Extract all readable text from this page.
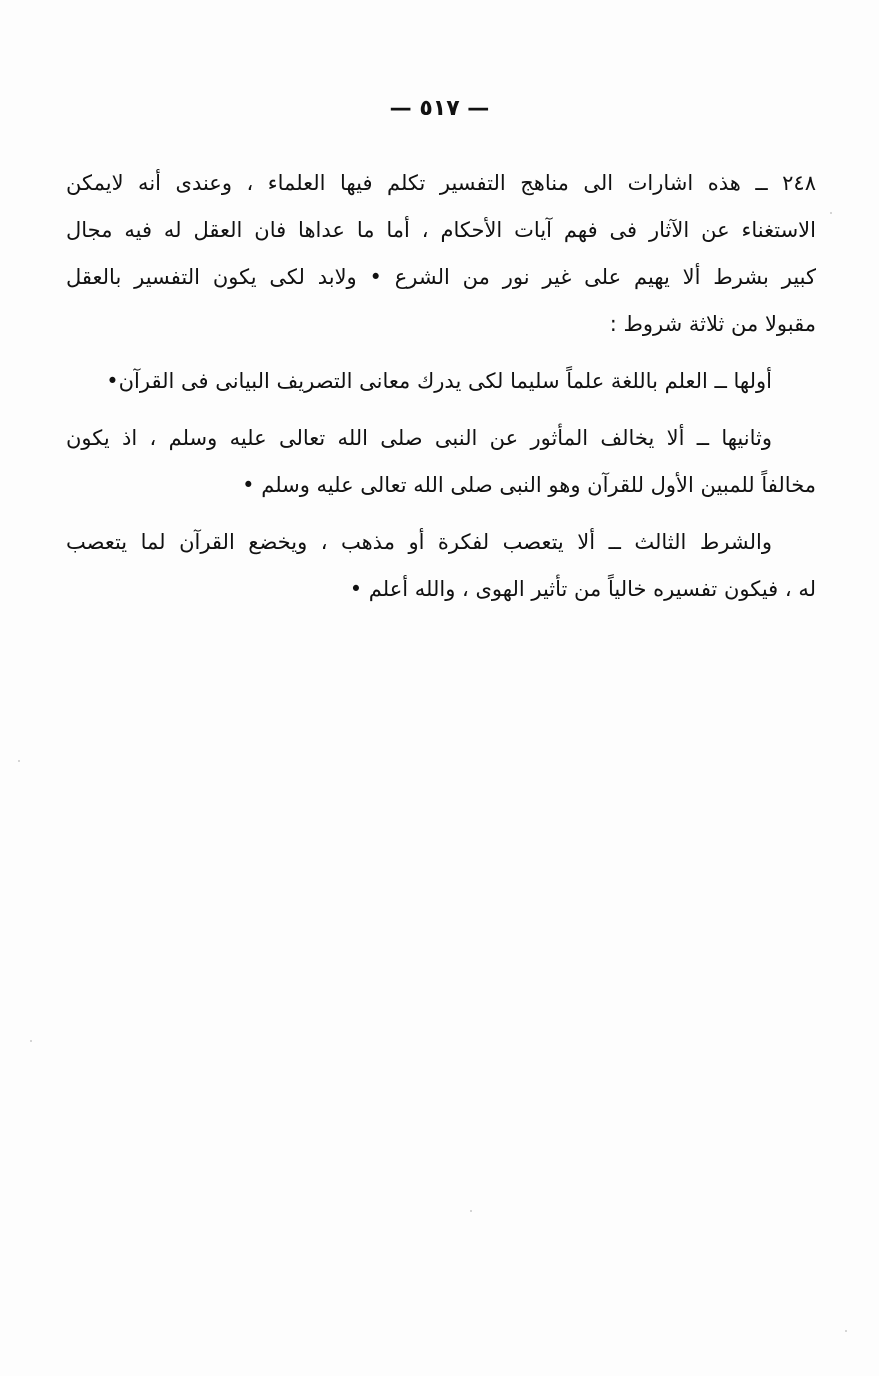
— ٥١٧ —

٢٤٨ ــ هذه اشارات الى مناهج التفسير تكلم فيها العلماء ، وعندى أنه لايمكن
الاستغناء عن الآثار فى فهم آيات الأحكام ، أما ما عداها فان العقل له فيه مجال
كبير بشرط ألا يهيم على غير نور من الشرع • ولابد لكى يكون التفسير بالعقل
مقبولا من ثلاثة شروط :

أولها ــ العلم باللغة علماً سليما لكى يدرك معانى التصريف البيانى فى القرآن•

وثانيها ــ ألا يخالف المأثور عن النبى صلى الله تعالى عليه وسلم ، اذ يكون
مخالفاً للمبين الأول للقرآن وهو النبى صلى الله تعالى عليه وسلم •

والشرط الثالث ــ ألا يتعصب لفكرة أو مذهب ، ويخضع القرآن لما يتعصب
له ، فيكون تفسيره خالياً من تأثير الهوى ، والله أعلم •
